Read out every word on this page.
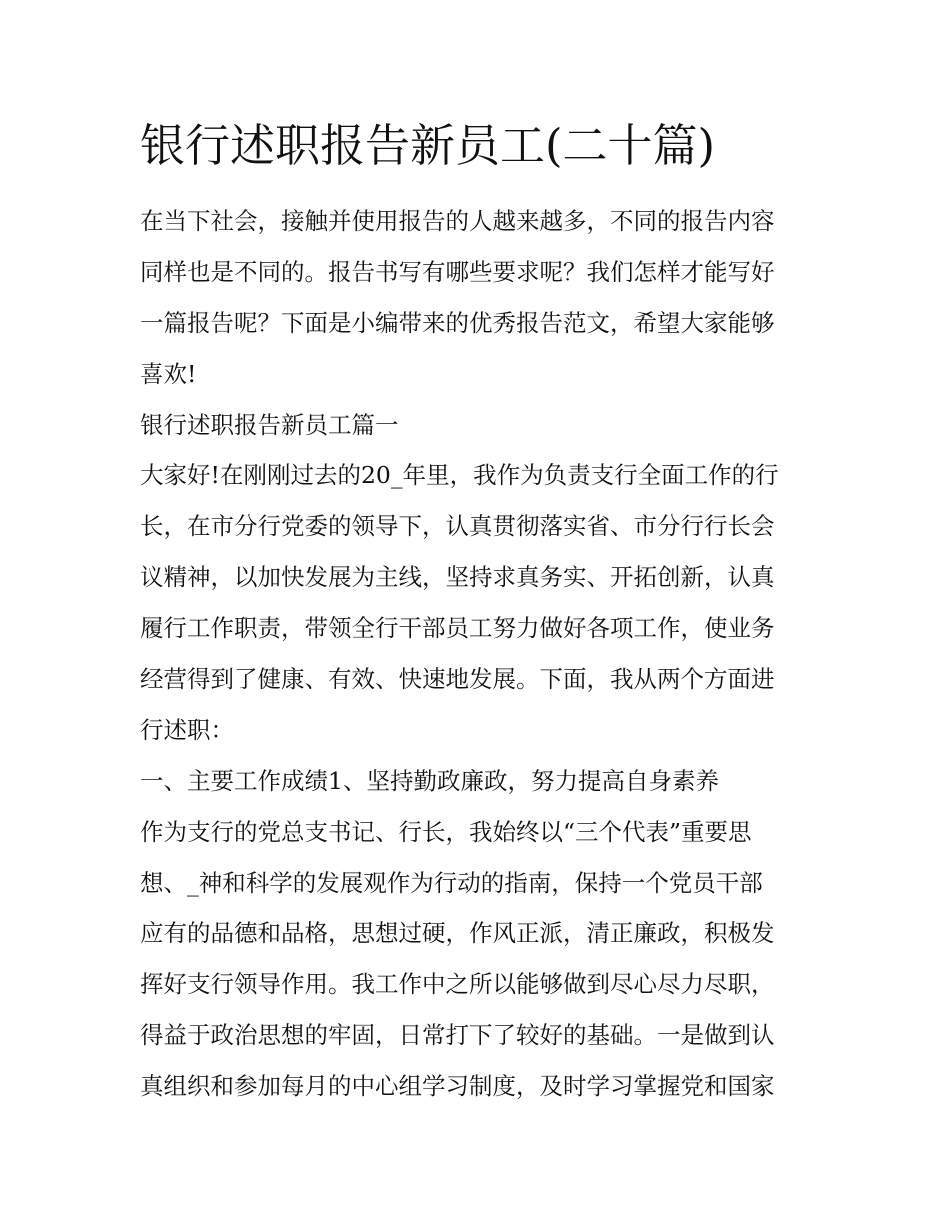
银行述职报告新员工(二十篇)
在当下社会，接触并使用报告的人越来越多，不同的报告内容
同样也是不同的。报告书写有哪些要求呢？我们怎样才能写好
一篇报告呢？下面是小编带来的优秀报告范文，希望大家能够
喜欢!
银行述职报告新员工篇一
大家好!在刚刚过去的20_年里，我作为负责支行全面工作的行
长，在市分行党委的领导下，认真贯彻落实省、市分行行长会
议精神，以加快发展为主线，坚持求真务实、开拓创新，认真
履行工作职责，带领全行干部员工努力做好各项工作，使业务
经营得到了健康、有效、快速地发展。下面，我从两个方面进
行述职：
一、主要工作成绩1、坚持勤政廉政，努力提高自身素养
作为支行的党总支书记、行长，我始终以“三个代表”重要思
想、_神和科学的发展观作为行动的指南，保持一个党员干部
应有的品德和品格，思想过硬，作风正派，清正廉政，积极发
挥好支行领导作用。我工作中之所以能够做到尽心尽力尽职，
得益于政治思想的牢固，日常打下了较好的基础。一是做到认
真组织和参加每月的中心组学习制度，及时学习掌握党和国家
